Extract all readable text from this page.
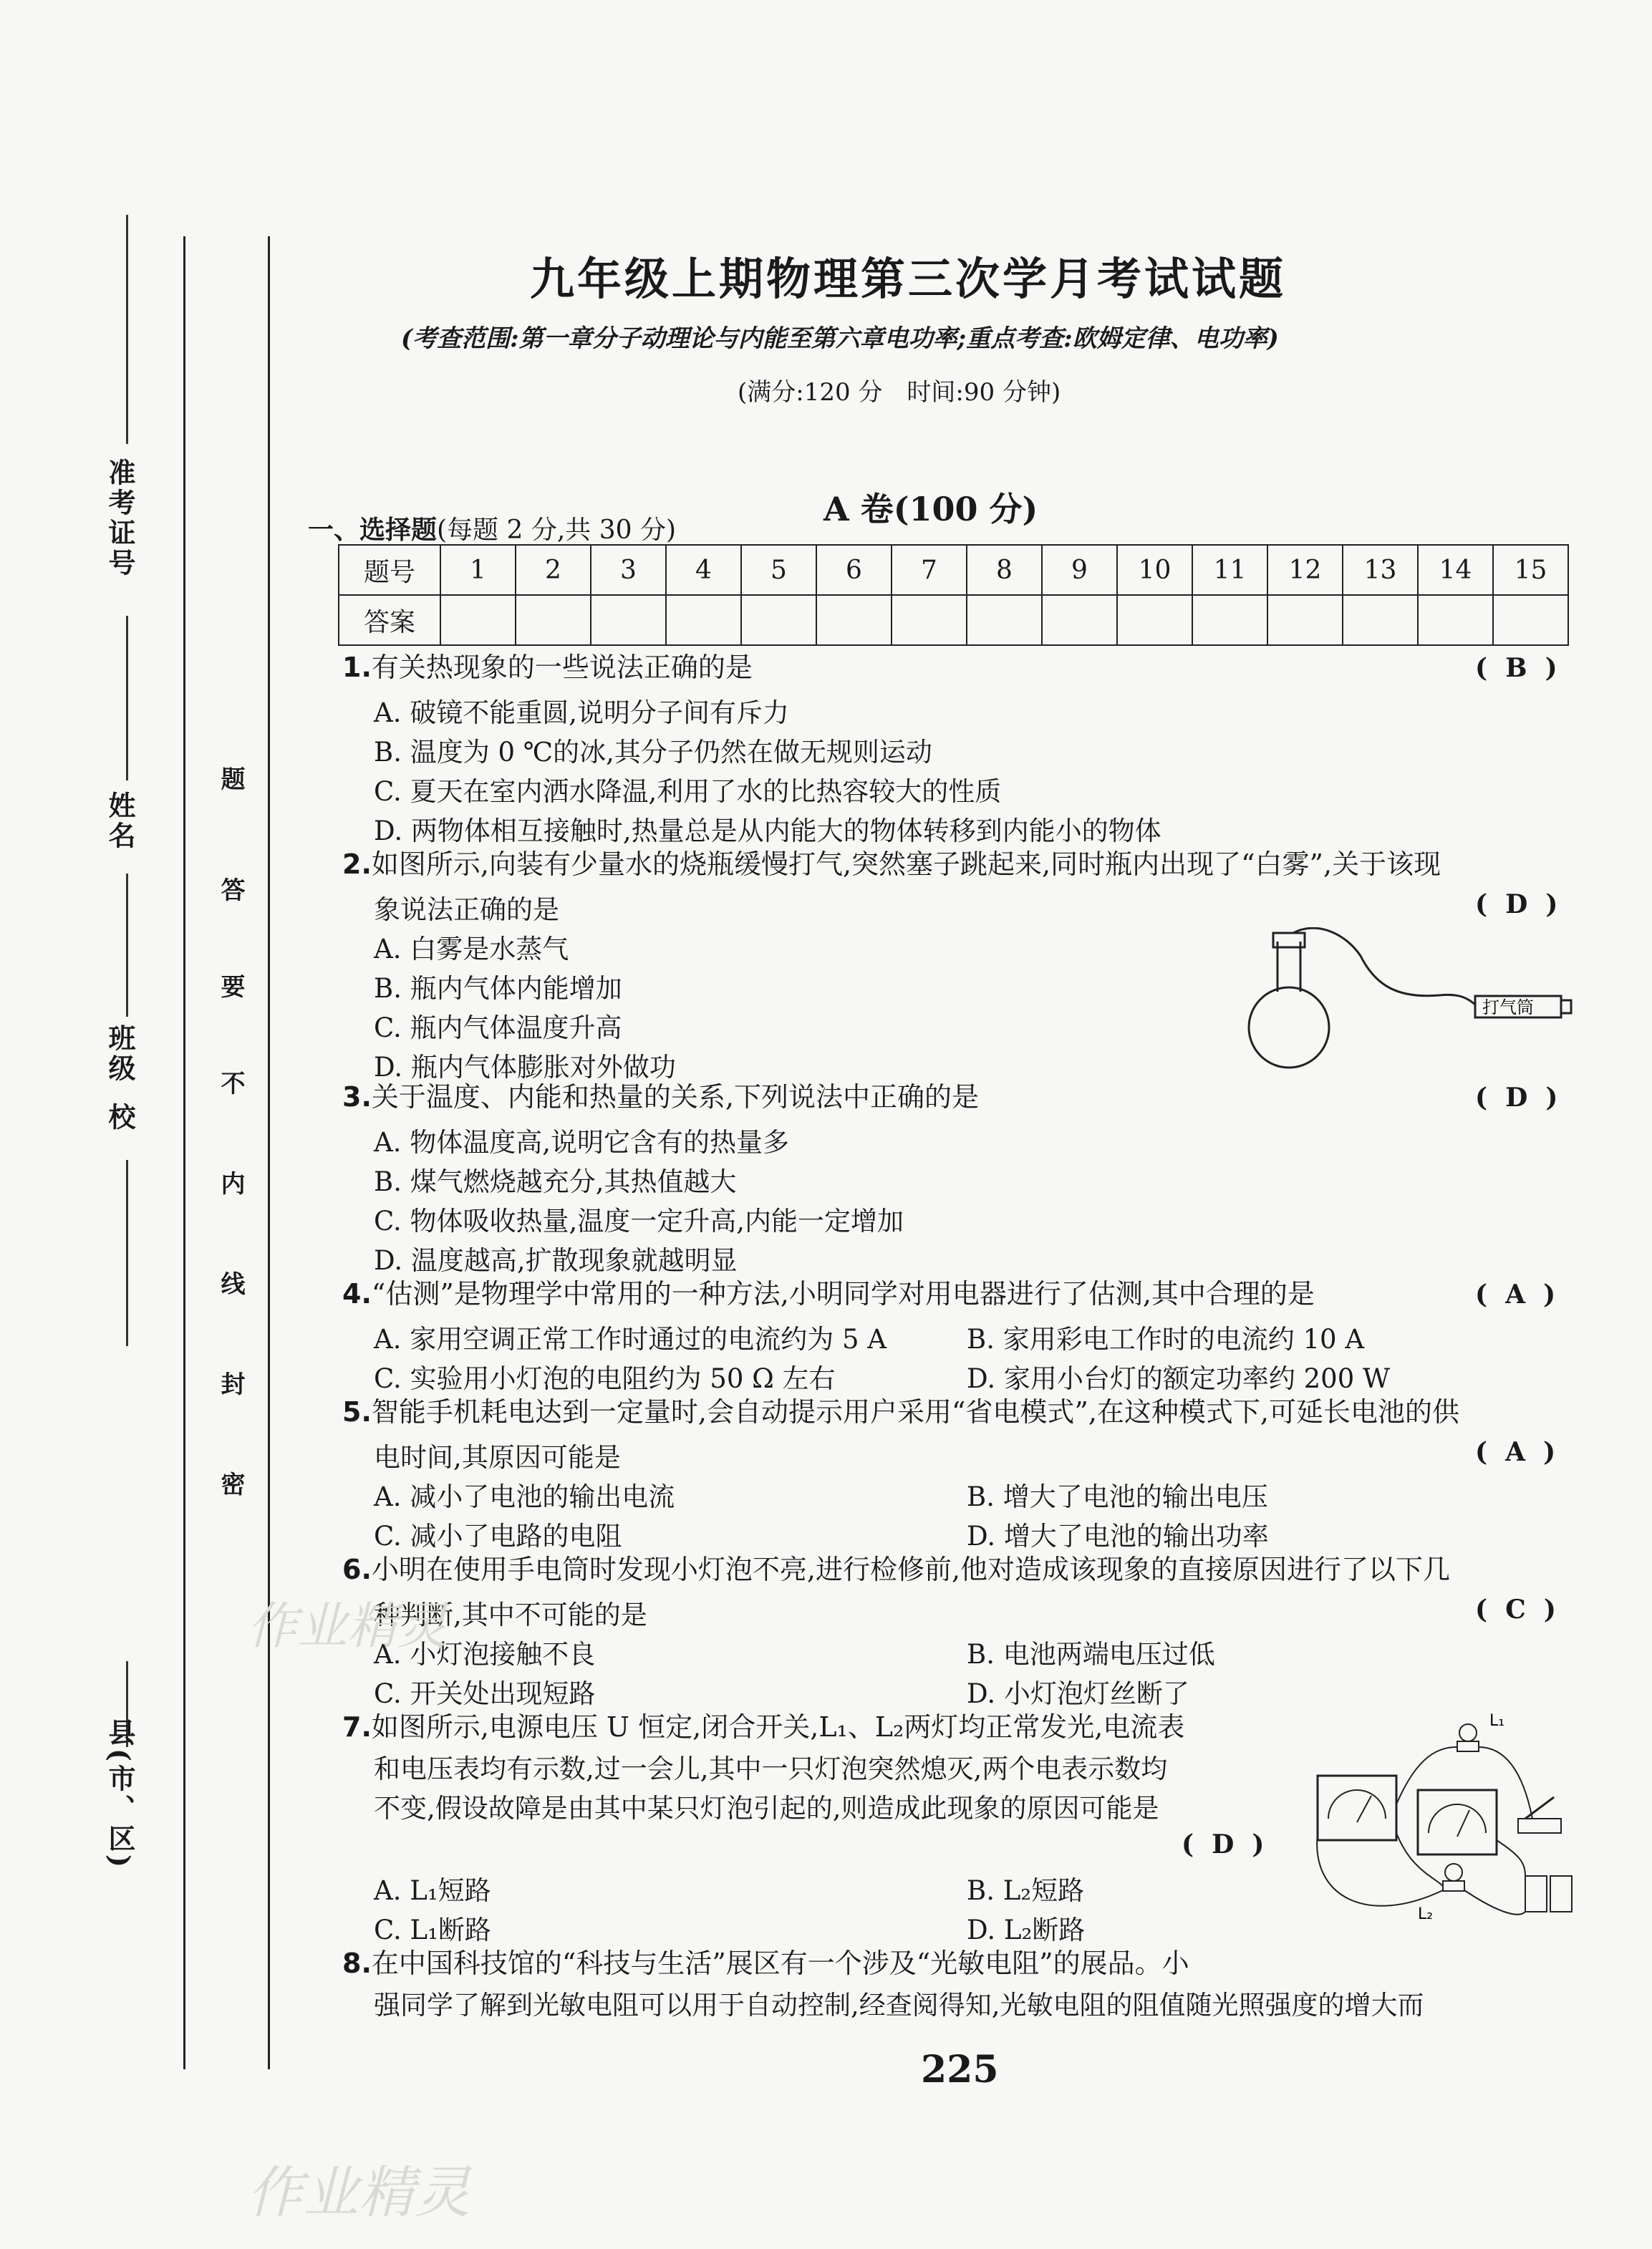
准考证号
姓名
班级
校
县(市、区)
题
答
要
不
内
线
封
密
九年级上期物理第三次学月考试试题
(考查范围:第一章分子动理论与内能至第六章电功率;重点考查:欧姆定律、电功率)
(满分:120 分　时间:90 分钟)
A 卷(100 分)
一、选择题(每题 2 分,共 30 分)
题号	1	2	3	4	5	6	7	8	9	10	11	12	13	14	15
答案															
1.有关热现象的一些说法正确的是	(  B  )
A. 破镜不能重圆,说明分子间有斥力
B. 温度为 0 ℃的冰,其分子仍然在做无规则运动
C. 夏天在室内洒水降温,利用了水的比热容较大的性质
D. 两物体相互接触时,热量总是从内能大的物体转移到内能小的物体
2.如图所示,向装有少量水的烧瓶缓慢打气,突然塞子跳起来,同时瓶内出现了“白雾”,关于该现
象说法正确的是	(  D  )
A. 白雾是水蒸气
B. 瓶内气体内能增加
C. 瓶内气体温度升高
D. 瓶内气体膨胀对外做功
打气筒
3.关于温度、内能和热量的关系,下列说法中正确的是	(  D  )
A. 物体温度高,说明它含有的热量多
B. 煤气燃烧越充分,其热值越大
C. 物体吸收热量,温度一定升高,内能一定增加
D. 温度越高,扩散现象就越明显
4.“估测”是物理学中常用的一种方法,小明同学对用电器进行了估测,其中合理的是	(  A  )
A. 家用空调正常工作时通过的电流约为 5 A	B. 家用彩电工作时的电流约 10 A
C. 实验用小灯泡的电阻约为 50 Ω 左右	D. 家用小台灯的额定功率约 200 W
5.智能手机耗电达到一定量时,会自动提示用户采用“省电模式”,在这种模式下,可延长电池的供
电时间,其原因可能是	(  A  )
A. 减小了电池的输出电流	B. 增大了电池的输出电压
C. 减小了电路的电阻	D. 增大了电池的输出功率
6.小明在使用手电筒时发现小灯泡不亮,进行检修前,他对造成该现象的直接原因进行了以下几
种判断,其中不可能的是	(  C  )
A. 小灯泡接触不良	B. 电池两端电压过低
C. 开关处出现短路	D. 小灯泡灯丝断了
7.如图所示,电源电压 U 恒定,闭合开关,L₁、L₂两灯均正常发光,电流表
和电压表均有示数,过一会儿,其中一只灯泡突然熄灭,两个电表示数均
不变,假设故障是由其中某只灯泡引起的,则造成此现象的原因可能是
(  D  )
A. L₁短路	B. L₂短路
C. L₁断路	D. L₂断路
L₁
L₂
8.在中国科技馆的“科技与生活”展区有一个涉及“光敏电阻”的展品。小
强同学了解到光敏电阻可以用于自动控制,经查阅得知,光敏电阻的阻值随光照强度的增大而
225
作业精灵
作业精灵
